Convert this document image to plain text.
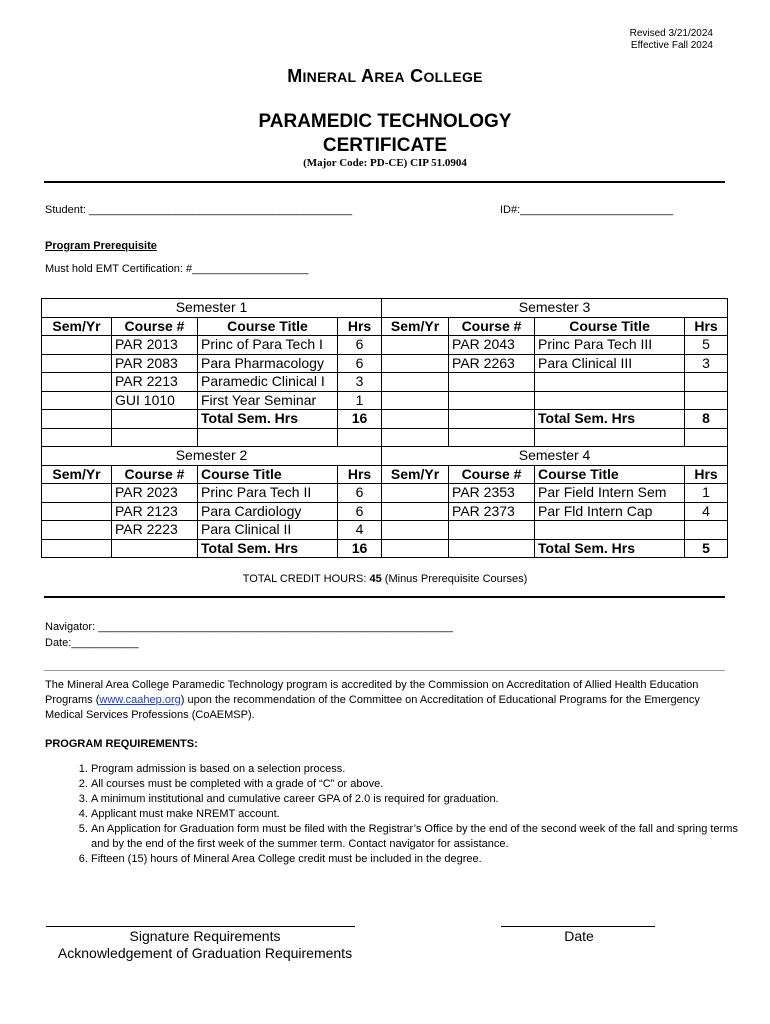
Revised 3/21/2024
Effective Fall 2024
MINERAL AREA COLLEGE
PARAMEDIC TECHNOLOGY
CERTIFICATE
(Major Code: PD-CE) CIP 51.0904
Student: ___________________________________________	ID#:_________________________
Program Prerequisite
Must hold EMT Certification: #___________________
Semester 1				Semester 3			
Sem/Yr	Course #	Course Title	Hrs	Sem/Yr	Course #	Course Title	Hrs
	PAR 2013	Princ of Para Tech I	6		PAR 2043	Princ Para Tech III	5
	PAR 2083	Para Pharmacology	6		PAR 2263	Para Clinical III	3
	PAR 2213	Paramedic Clinical I	3				
	GUI 1010	First Year Seminar	1				
		Total Sem. Hrs	16			Total Sem. Hrs	8

Semester 2				Semester 4			
Sem/Yr	Course #	Course Title	Hrs	Sem/Yr	Course #	Course Title	Hrs
	PAR 2023	Princ Para Tech II	6		PAR 2353	Par Field Intern Sem	1
	PAR 2123	Para Cardiology	6		PAR 2373	Par Fld Intern Cap	4
	PAR 2223	Para Clinical II	4				
		Total Sem. Hrs	16			Total Sem. Hrs	5
TOTAL CREDIT HOURS: 45 (Minus Prerequisite Courses)
Navigator: __________________________________________________________
Date:___________
The Mineral Area College Paramedic Technology program is accredited by the Commission on Accreditation of Allied Health Education Programs (www.caahep.org) upon the recommendation of the Committee on Accreditation of Educational Programs for the Emergency Medical Services Professions (CoAEMSP).
PROGRAM REQUIREMENTS:
1. Program admission is based on a selection process.
2. All courses must be completed with a grade of “C” or above.
3. A minimum institutional and cumulative career GPA of 2.0 is required for graduation.
4. Applicant must make NREMT account.
5. An Application for Graduation form must be filed with the Registrar’s Office by the end of the second week of the fall and spring terms and by the end of the first week of the summer term. Contact navigator for assistance.
6. Fifteen (15) hours of Mineral Area College credit must be included in the degree.
Signature Requirements
Acknowledgement of Graduation Requirements
Date
